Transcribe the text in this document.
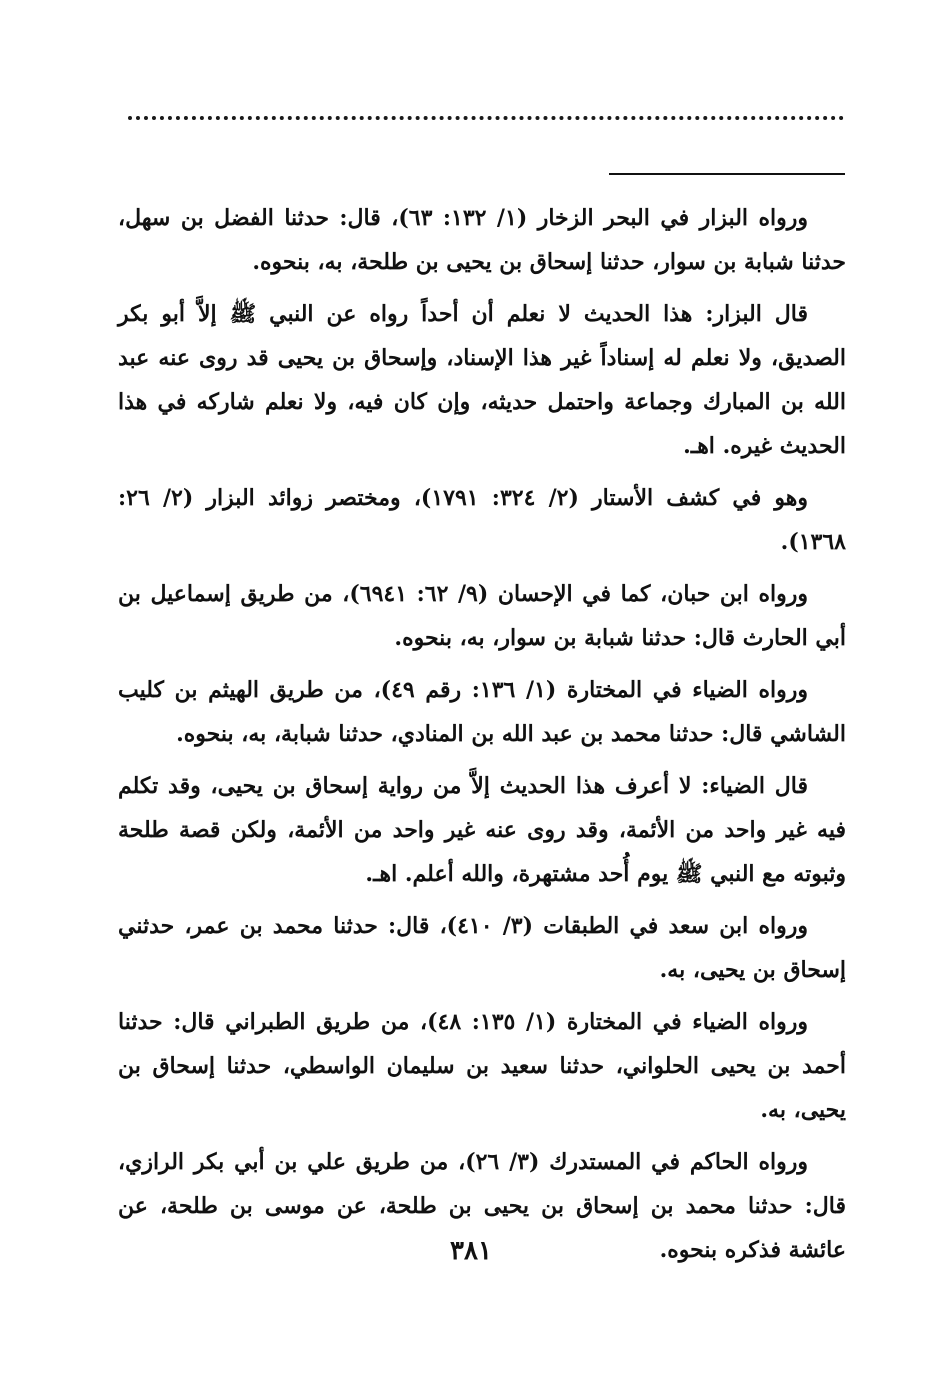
ورواه البزار في البحر الزخار (١/ ١٣٢: ٦٣)، قال: حدثنا الفضل بن سهل، حدثنا شبابة بن سوار، حدثنا إسحاق بن يحيى بن طلحة، به، بنحوه.

قال البزار: هذا الحديث لا نعلم أن أحداً رواه عن النبي ﷺ إلاَّ أبو بكر الصديق، ولا نعلم له إسناداً غير هذا الإسناد، وإسحاق بن يحيى قد روى عنه عبد الله بن المبارك وجماعة واحتمل حديثه، وإن كان فيه، ولا نعلم شاركه في هذا الحديث غيره. اهـ.

وهو في كشف الأستار (٢/ ٣٢٤: ١٧٩١)، ومختصر زوائد البزار (٢/ ٢٦: ١٣٦٨).

ورواه ابن حبان، كما في الإحسان (٩/ ٦٢: ٦٩٤١)، من طريق إسماعيل بن أبي الحارث قال: حدثنا شبابة بن سوار، به، بنحوه.

ورواه الضياء في المختارة (١/ ١٣٦: رقم ٤٩)، من طريق الهيثم بن كليب الشاشي قال: حدثنا محمد بن عبد الله بن المنادي، حدثنا شبابة، به، بنحوه.

قال الضياء: لا أعرف هذا الحديث إلاَّ من رواية إسحاق بن يحيى، وقد تكلم فيه غير واحد من الأئمة، وقد روى عنه غير واحد من الأئمة، ولكن قصة طلحة وثبوته مع النبي ﷺ يوم أُحد مشتهرة، والله أعلم. اهـ.

ورواه ابن سعد في الطبقات (٣/ ٤١٠)، قال: حدثنا محمد بن عمر، حدثني إسحاق بن يحيى، به.

ورواه الضياء في المختارة (١/ ١٣٥: ٤٨)، من طريق الطبراني قال: حدثنا أحمد بن يحيى الحلواني، حدثنا سعيد بن سليمان الواسطي، حدثنا إسحاق بن يحيى، به.

ورواه الحاكم في المستدرك (٣/ ٢٦)، من طريق علي بن أبي بكر الرازي، قال: حدثنا محمد بن إسحاق بن يحيى بن طلحة، عن موسى بن طلحة، عن عائشة فذكره بنحوه.

٣٨١
